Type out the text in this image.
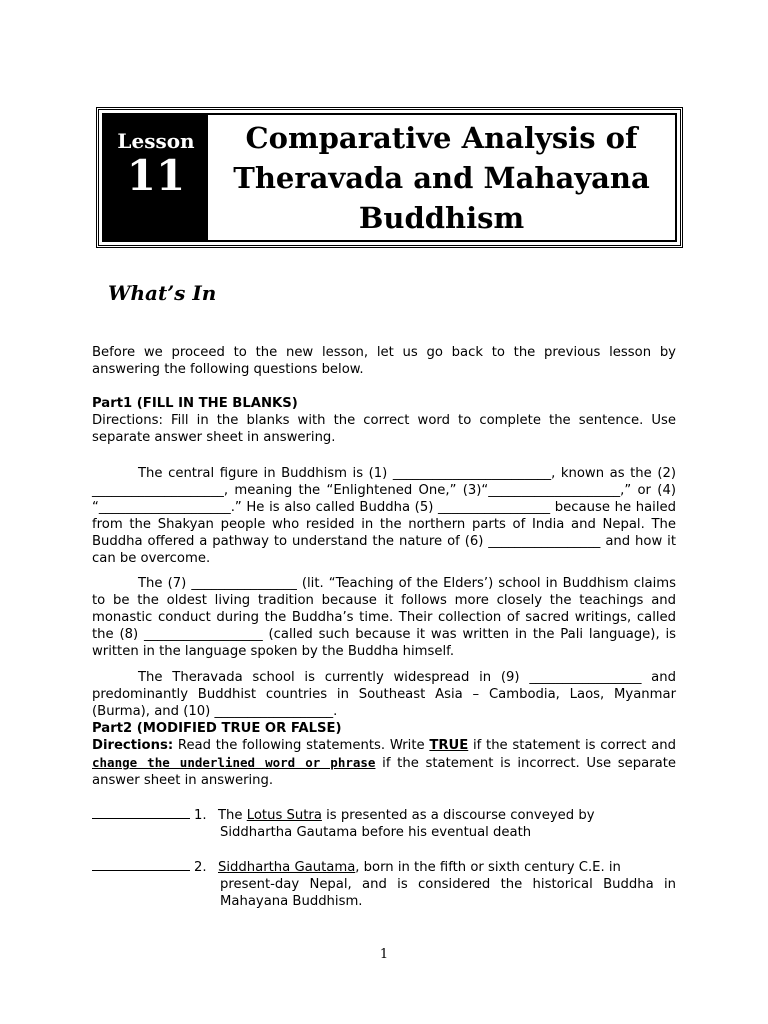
Lesson
11
Comparative Analysis of
Theravada and Mahayana
Buddhism
What’s In
Before we proceed to the new lesson, let us go back to the previous lesson by answering the following questions below.
Part1 (FILL IN THE BLANKS)
Directions: Fill in the blanks with the correct word to complete the sentence. Use separate answer sheet in answering.
The central figure in Buddhism is (1) ________________________, known as the (2) ____________________, meaning the “Enlightened One,” (3)“____________________,” or (4) “____________________.” He is also called Buddha (5) _________________ because he hailed from the Shakyan people who resided in the northern parts of India and Nepal. The Buddha offered a pathway to understand the nature of (6) _________________ and how it can be overcome.
The (7) ________________ (lit. “Teaching of the Elders’) school in Buddhism claims to be the oldest living tradition because it follows more closely the teachings and monastic conduct during the Buddha’s time. Their collection of sacred writings, called the (8) __________________ (called such because it was written in the Pali language), is written in the language spoken by the Buddha himself.
The Theravada school is currently widespread in (9) _________________ and predominantly Buddhist countries in Southeast Asia – Cambodia, Laos, Myanmar (Burma), and (10) __________________.
Part2 (MODIFIED TRUE OR FALSE)
Directions: Read the following statements. Write TRUE if the statement is correct and change the underlined word or phrase if the statement is incorrect. Use separate answer sheet in answering.
1. The Lotus Sutra is presented as a discourse conveyed by
Siddhartha Gautama before his eventual death
2. Siddhartha Gautama, born in the fifth or sixth century C.E. in
present-day Nepal, and is considered the historical Buddha in Mahayana Buddhism.
1
